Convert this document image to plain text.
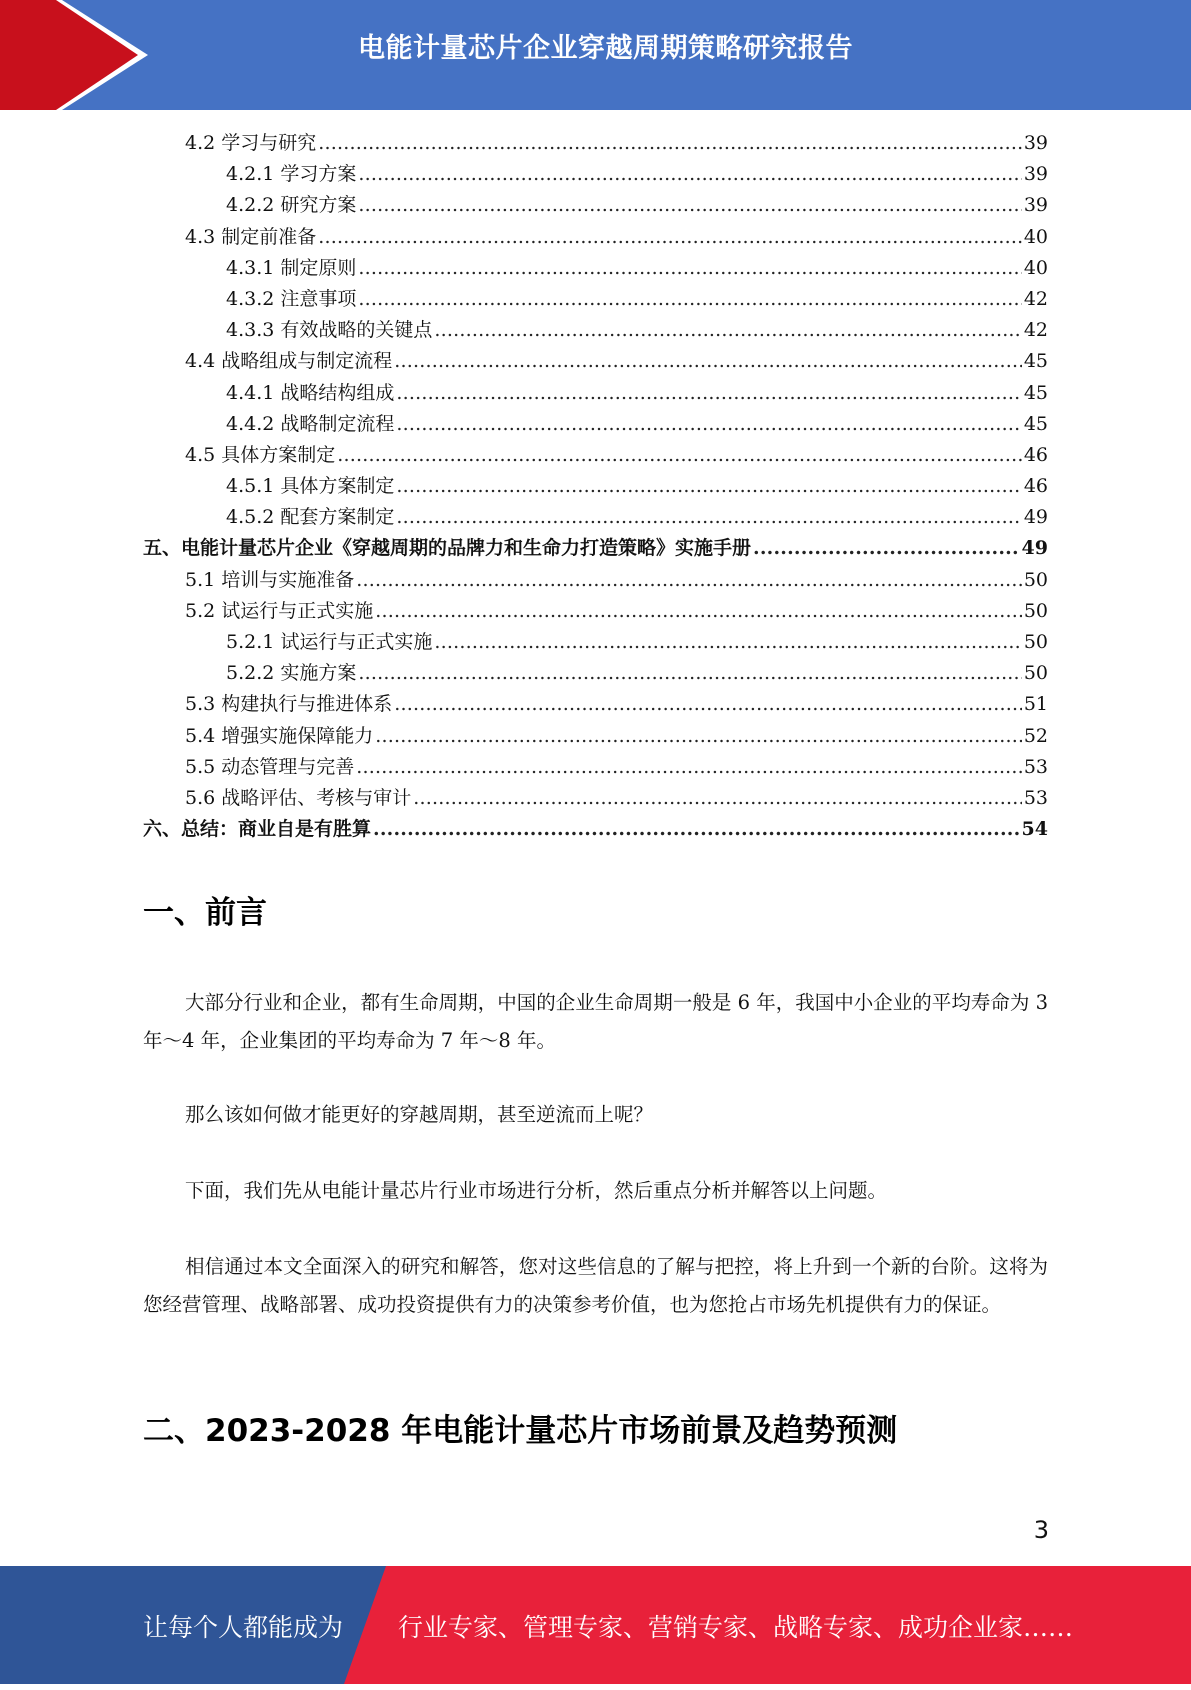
电能计量芯片企业穿越周期策略研究报告
4.2 学习与研究 .....	39
4.2.1 学习方案 .....	39
4.2.2 研究方案 .....	39
4.3 制定前准备 .....	40
4.3.1 制定原则 .....	40
4.3.2 注意事项 .....	42
4.3.3 有效战略的关键点 .....	42
4.4 战略组成与制定流程 .....	45
4.4.1 战略结构组成 .....	45
4.4.2 战略制定流程 .....	45
4.5 具体方案制定 .....	46
4.5.1 具体方案制定 .....	46
4.5.2 配套方案制定 .....	49
五、电能计量芯片企业《穿越周期的品牌力和生命力打造策略》实施手册 .....	49
5.1 培训与实施准备 .....	50
5.2 试运行与正式实施 .....	50
5.2.1 试运行与正式实施 .....	50
5.2.2 实施方案 .....	50
5.3 构建执行与推进体系 .....	51
5.4 增强实施保障能力 .....	52
5.5 动态管理与完善 .....	53
5.6 战略评估、考核与审计 .....	53
六、总结：商业自是有胜算 .....	54
一、前言
大部分行业和企业，都有生命周期，中国的企业生命周期一般是 6 年，我国中小企业的平均寿命为 3 年～4 年，企业集团的平均寿命为 7 年～8 年。
那么该如何做才能更好的穿越周期，甚至逆流而上呢？
下面，我们先从电能计量芯片行业市场进行分析，然后重点分析并解答以上问题。
相信通过本文全面深入的研究和解答，您对这些信息的了解与把控，将上升到一个新的台阶。这将为您经营管理、战略部署、成功投资提供有力的决策参考价值，也为您抢占市场先机提供有力的保证。
二、2023-2028 年电能计量芯片市场前景及趋势预测
3
让每个人都能成为 行业专家、管理专家、营销专家、战略专家、成功企业家……
